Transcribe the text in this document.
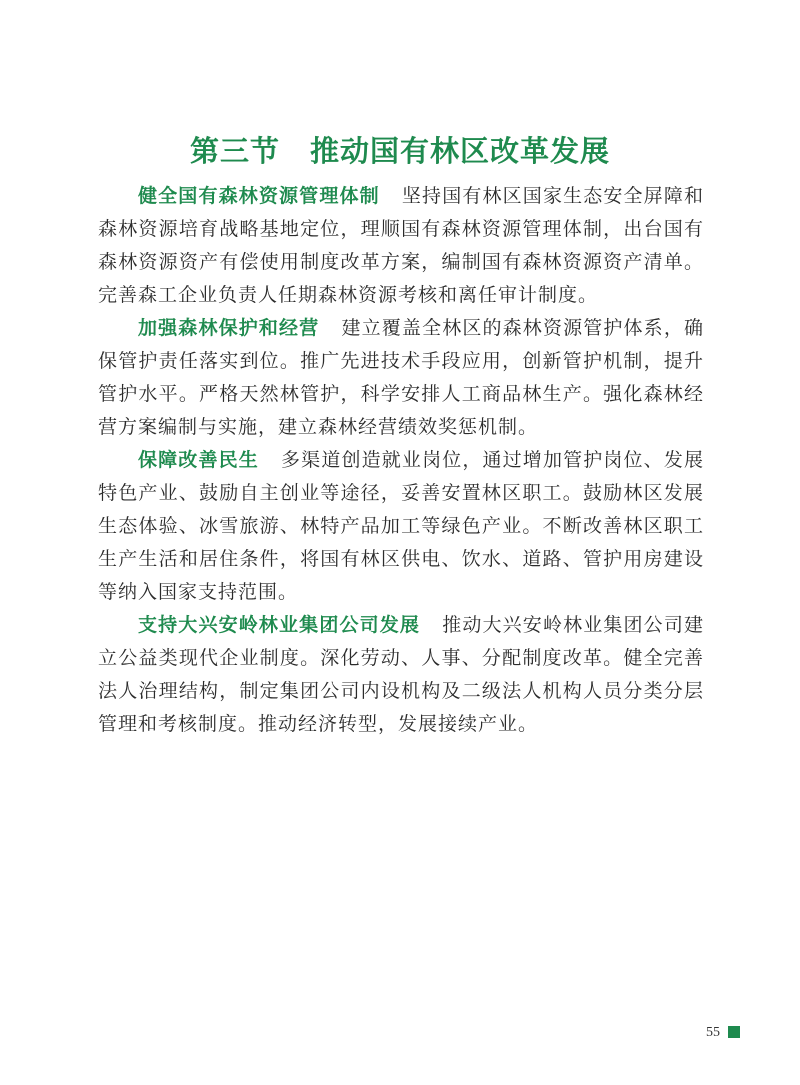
第三节　推动国有林区改革发展

健全国有森林资源管理体制 坚持国有林区国家生态安全屏障和森林资源培育战略基地定位，理顺国有森林资源管理体制，出台国有森林资源资产有偿使用制度改革方案，编制国有森林资源资产清单。完善森工企业负责人任期森林资源考核和离任审计制度。

加强森林保护和经营 建立覆盖全林区的森林资源管护体系，确保管护责任落实到位。推广先进技术手段应用，创新管护机制，提升管护水平。严格天然林管护，科学安排人工商品林生产。强化森林经营方案编制与实施，建立森林经营绩效奖惩机制。

保障改善民生 多渠道创造就业岗位，通过增加管护岗位、发展特色产业、鼓励自主创业等途径，妥善安置林区职工。鼓励林区发展生态体验、冰雪旅游、林特产品加工等绿色产业。不断改善林区职工生产生活和居住条件，将国有林区供电、饮水、道路、管护用房建设等纳入国家支持范围。

支持大兴安岭林业集团公司发展 推动大兴安岭林业集团公司建立公益类现代企业制度。深化劳动、人事、分配制度改革。健全完善法人治理结构，制定集团公司内设机构及二级法人机构人员分类分层管理和考核制度。推动经济转型，发展接续产业。

55
